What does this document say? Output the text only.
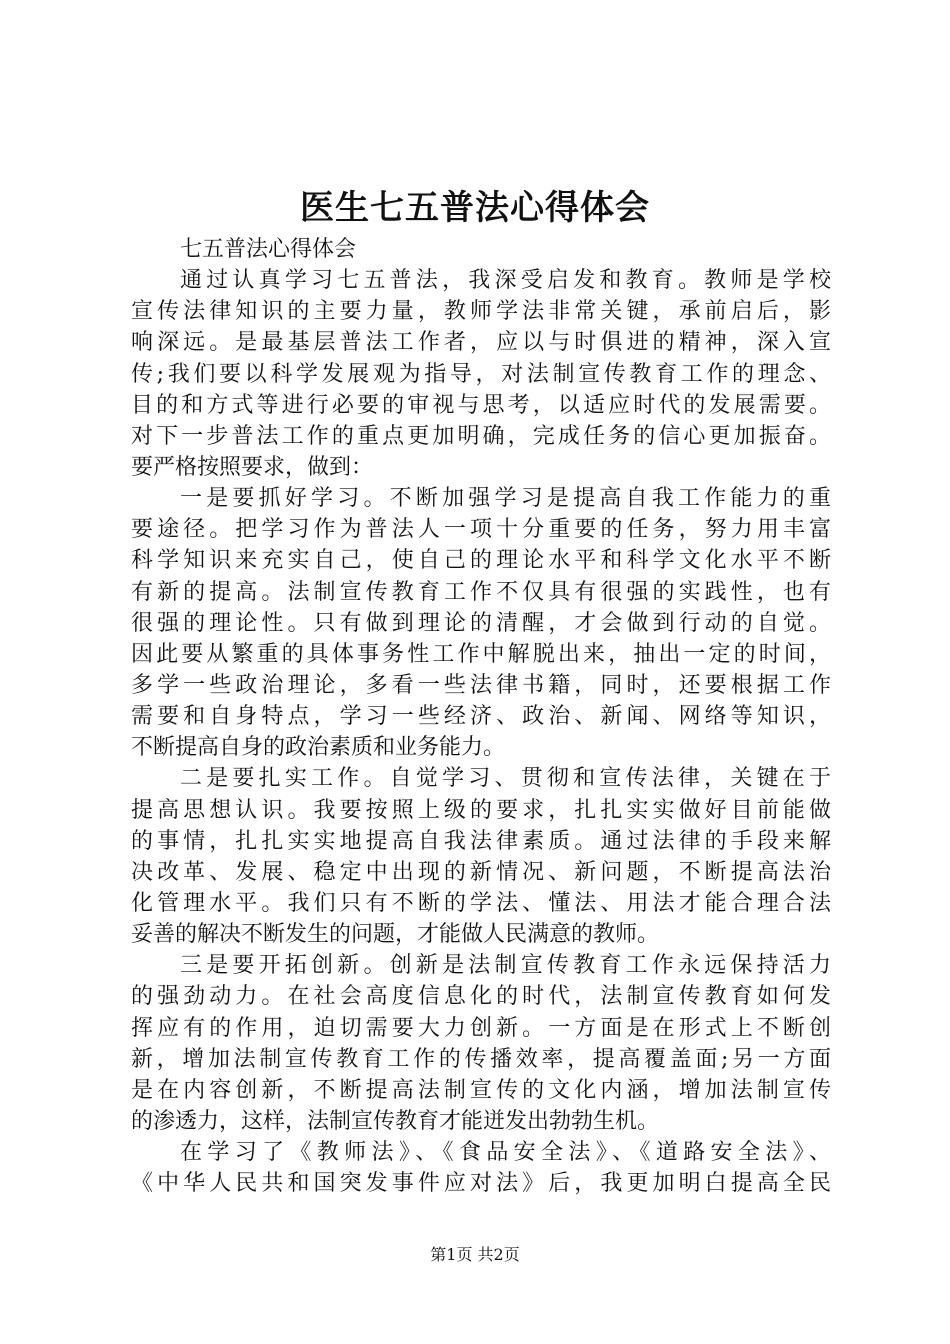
医生七五普法心得体会
七五普法心得体会
通过认真学习七五普法，我深受启发和教育。教师是学校
宣传法律知识的主要力量，教师学法非常关键，承前启后，影
响深远。是最基层普法工作者，应以与时俱进的精神，深入宣
传;我们要以科学发展观为指导，对法制宣传教育工作的理念、
目的和方式等进行必要的审视与思考，以适应时代的发展需要。
对下一步普法工作的重点更加明确，完成任务的信心更加振奋。
要严格按照要求，做到：
一是要抓好学习。不断加强学习是提高自我工作能力的重
要途径。把学习作为普法人一项十分重要的任务，努力用丰富
科学知识来充实自己，使自己的理论水平和科学文化水平不断
有新的提高。法制宣传教育工作不仅具有很强的实践性，也有
很强的理论性。只有做到理论的清醒，才会做到行动的自觉。
因此要从繁重的具体事务性工作中解脱出来，抽出一定的时间，
多学一些政治理论，多看一些法律书籍，同时，还要根据工作
需要和自身特点，学习一些经济、政治、新闻、网络等知识，
不断提高自身的政治素质和业务能力。
二是要扎实工作。自觉学习、贯彻和宣传法律，关键在于
提高思想认识。我要按照上级的要求，扎扎实实做好目前能做
的事情，扎扎实实地提高自我法律素质。通过法律的手段来解
决改革、发展、稳定中出现的新情况、新问题，不断提高法治
化管理水平。我们只有不断的学法、懂法、用法才能合理合法
妥善的解决不断发生的问题，才能做人民满意的教师。
三是要开拓创新。创新是法制宣传教育工作永远保持活力
的强劲动力。在社会高度信息化的时代，法制宣传教育如何发
挥应有的作用，迫切需要大力创新。一方面是在形式上不断创
新，增加法制宣传教育工作的传播效率，提高覆盖面;另一方面
是在内容创新，不断提高法制宣传的文化内涵，增加法制宣传
的渗透力，这样，法制宣传教育才能迸发出勃勃生机。
在学习了《教师法》、《食品安全法》、《道路安全法》、
《中华人民共和国突发事件应对法》后，我更加明白提高全民
第1页 共2页
